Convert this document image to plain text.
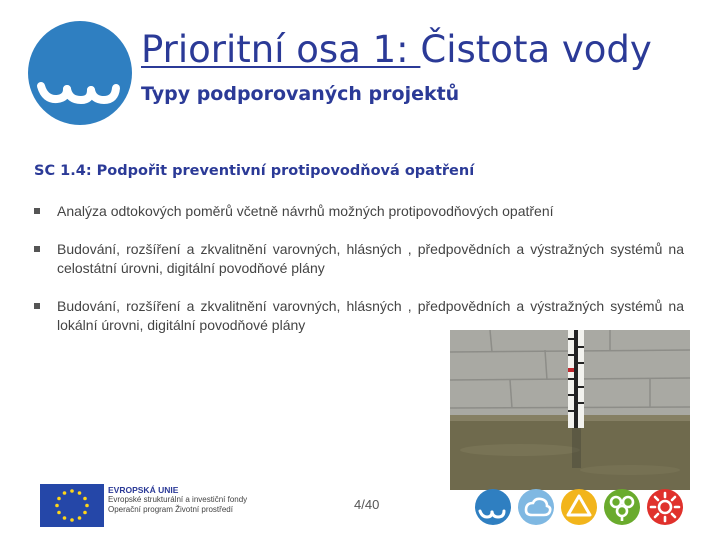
Prioritní osa 1: Čistota vody
Typy podporovaných projektů
SC 1.4: Podpořit preventivní protipovodňová opatření
Analýza odtokových poměrů včetně návrhů možných protipovodňových opatření
Budování, rozšíření a zkvalitnění varovných, hlásných , předpovědních a výstražných systémů na celostátní úrovni, digitální povodňové plány
Budování, rozšíření a zkvalitnění varovných, hlásných , předpovědních a výstražných systémů na lokální úrovni, digitální povodňové plány
EVROPSKÁ UNIE
Evropské strukturální a investiční fondy
Operační program Životní prostředí	4/40
